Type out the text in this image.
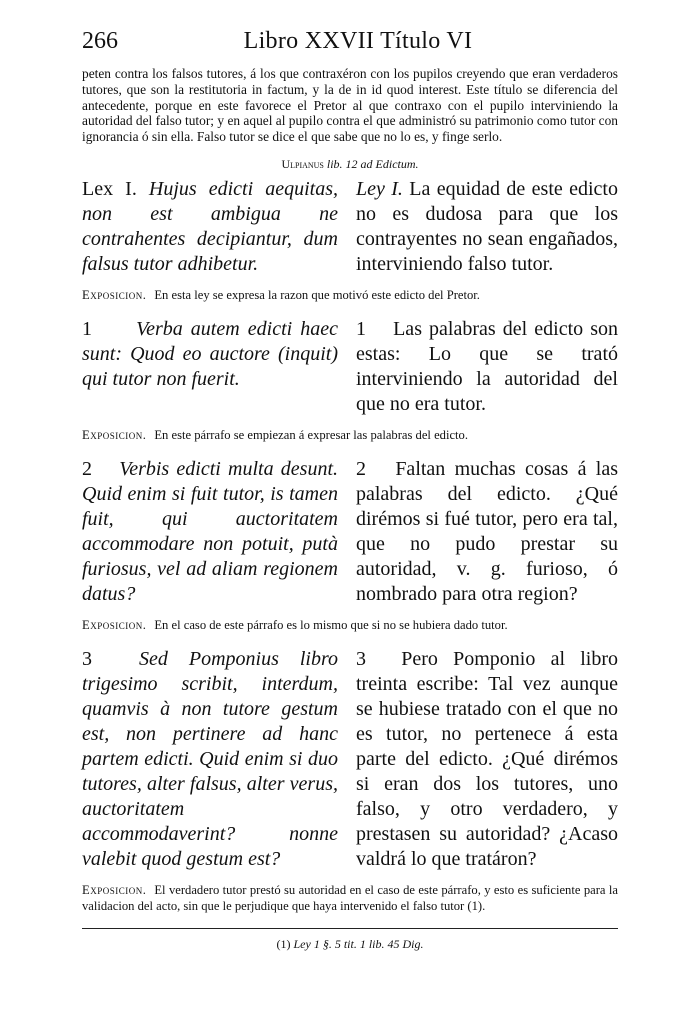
266	Libro XXVII Título VI
peten contra los falsos tutores, á los que contraxéron con los pupilos creyendo que eran verdaderos tutores, que son la restitutoria in factum, y la de in id quod interest. Este título se diferencia del antecedente, porque en este favorece el Pretor al que contraxo con el pupilo interviniendo la autoridad del falso tutor; y en aquel al pupilo contra el que administró su patrimonio como tutor con ignorancia ó sin ella. Falso tutor se dice el que sabe que no lo es, y finge serlo.
Ulpianus lib. 12 ad Edictum.
Lex I. Hujus edicti aequitas, non est ambigua ne contrahentes decipiantur, dum falsus tutor adhibetur.
Ley I. La equidad de este edicto no es dudosa para que los contrayentes no sean engañados, interviniendo falso tutor.
Exposicion. En esta ley se expresa la razon que motivó este edicto del Pretor.
1 Verba autem edicti haec sunt: Quod eo auctore (inquit) qui tutor non fuerit.
1 Las palabras del edicto son estas: Lo que se trató interviniendo la autoridad del que no era tutor.
Exposicion. En este párrafo se empiezan á expresar las palabras del edicto.
2 Verbis edicti multa desunt. Quid enim si fuit tutor, is tamen fuit, qui auctoritatem accommodare non potuit, putà furiosus, vel ad aliam regionem datus?
2 Faltan muchas cosas á las palabras del edicto. ¿Qué dirémos si fué tutor, pero era tal, que no pudo prestar su autoridad, v. g. furioso, ó nombrado para otra region?
Exposicion. En el caso de este párrafo es lo mismo que si no se hubiera dado tutor.
3 Sed Pomponius libro trigesimo scribit, interdum, quamvis à non tutore gestum est, non pertinere ad hanc partem edicti. Quid enim si duo tutores, alter falsus, alter verus, auctoritatem accommodaverint? nonne valebit quod gestum est?
3 Pero Pomponio al libro treinta escribe: Tal vez aunque se hubiese tratado con el que no es tutor, no pertenece á esta parte del edicto. ¿Qué dirémos si eran dos los tutores, uno falso, y otro verdadero, y prestasen su autoridad? ¿Acaso valdrá lo que tratáron?
Exposicion. El verdadero tutor prestó su autoridad en el caso de este párrafo, y esto es suficiente para la validacion del acto, sin que le perjudique que haya intervenido el falso tutor (1).
(1) Ley 1 §. 5 tit. 1 lib. 45 Dig.
